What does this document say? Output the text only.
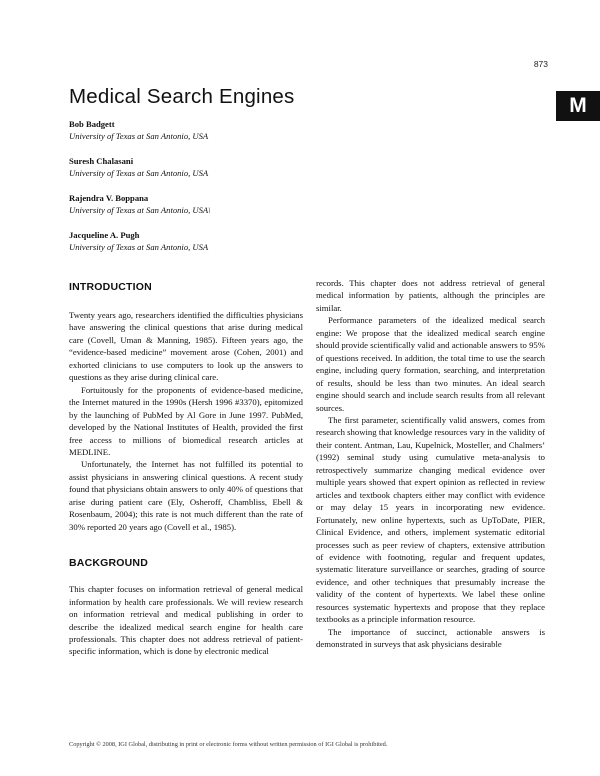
873
M
Medical Search Engines
Bob Badgett
University of Texas at San Antonio, USA
Suresh Chalasani
University of Texas at San Antonio, USA
Rajendra V. Boppana
University of Texas at San Antonio, USA\
Jacqueline A. Pugh
University of Texas at San Antonio, USA
INTRODUCTION

Twenty years ago, researchers identified the difficulties physicians have answering the clinical questions that arise during medical care (Covell, Uman & Manning, 1985). Fifteen years ago, the “evidence-based medicine” movement arose (Cohen, 2001) and exhorted clinicians to use computers to look up the answers to questions as they arise during clinical care.

Fortuitously for the proponents of evidence-based medicine, the Internet matured in the 1990s (Hersh 1996 #3370), epitomized by the launching of PubMed by Al Gore in June 1997. PubMed, developed by the National Institutes of Health, provided the first free access to millions of biomedical research articles at MEDLINE.

Unfortunately, the Internet has not fulfilled its potential to assist physicians in answering clinical questions. A recent study found that physicians obtain answers to only 40% of questions that arise during patient care (Ely, Osheroff, Chambliss, Ebell & Rosenbaum, 2004); this rate is not much different than the rate of 30% reported 20 years ago (Covell et al., 1985).

BACKGROUND

This chapter focuses on information retrieval of general medical information by health care professionals. We will review research on information retrieval and medical publishing in order to describe the idealized medical search engine for health care professionals. This chapter does not address retrieval of patient-specific information, which is done by electronic medical

records. This chapter does not address retrieval of general medical information by patients, although the principles are similar.

Performance parameters of the idealized medical search engine: We propose that the idealized medical search engine should provide scientifically valid and actionable answers to 95% of questions received. In addition, the total time to use the search engine, including query formation, searching, and interpretation of results, should be less than two minutes. An ideal search engine should search and include search results from all relevant sources.

The first parameter, scientifically valid answers, comes from research showing that knowledge resources vary in the validity of their content. Antman, Lau, Kupelnick, Mosteller, and Chalmers’ (1992) seminal study using cumulative meta-analysis to retrospectively summarize changing medical evidence over multiple years showed that expert opinion as reflected in review articles and textbook chapters either may conflict with evidence or may delay 15 years in incorporating new evidence. Fortunately, new online hypertexts, such as UpToDate, PIER, Clinical Evidence, and others, implement systematic editorial processes such as peer review of chapters, extensive attribution of evidence with footnoting, regular and frequent updates, systematic literature surveillance or searches, grading of source evidence, and other techniques that presumably increase the validity of the content of hypertexts. We label these online resources systematic hypertexts and propose that they replace textbooks as a principle information resource.

The importance of succinct, actionable answers is demonstrated in surveys that ask physicians desirable

Copyright © 2008, IGI Global, distributing in print or electronic forms without written permission of IGI Global is prohibited.
